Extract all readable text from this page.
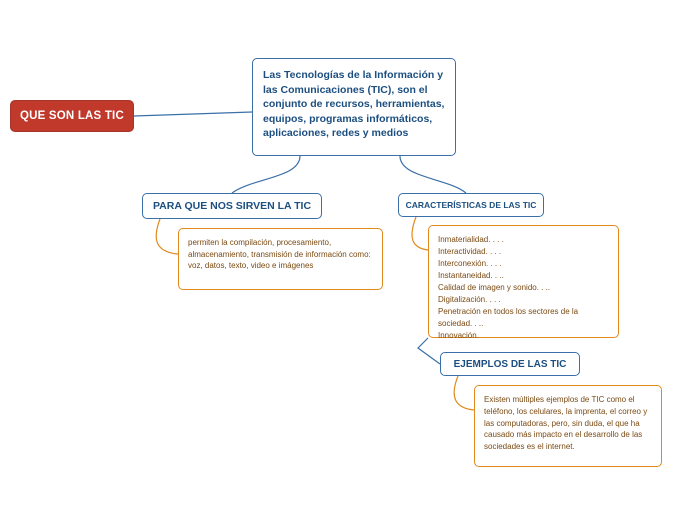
QUE SON LAS TIC
Las Tecnologías de la Información y las Comunicaciones (TIC), son el conjunto de recursos, herramientas, equipos, programas informáticos, aplicaciones, redes y medios
PARA QUE NOS SIRVEN LA TIC
permiten la compilación, procesamiento, almacenamiento, transmisión de información como: voz, datos, texto, video e imágenes
CARACTERÍSTICAS DE LAS TIC
Inmaterialidad. . . .
Interactividad. . . .
Interconexión. . . .
Instantaneidad. . ..
Calidad de imagen y sonido. . ..
Digitalización. . . .
Penetración en todos los sectores de la sociedad. . ..
Innovación.
EJEMPLOS DE LAS TIC
Existen múltiples ejemplos de TIC como el teléfono, los celulares, la imprenta, el correo y las computadoras, pero, sin duda, el que ha causado más impacto en el desarrollo de las sociedades es el internet.
